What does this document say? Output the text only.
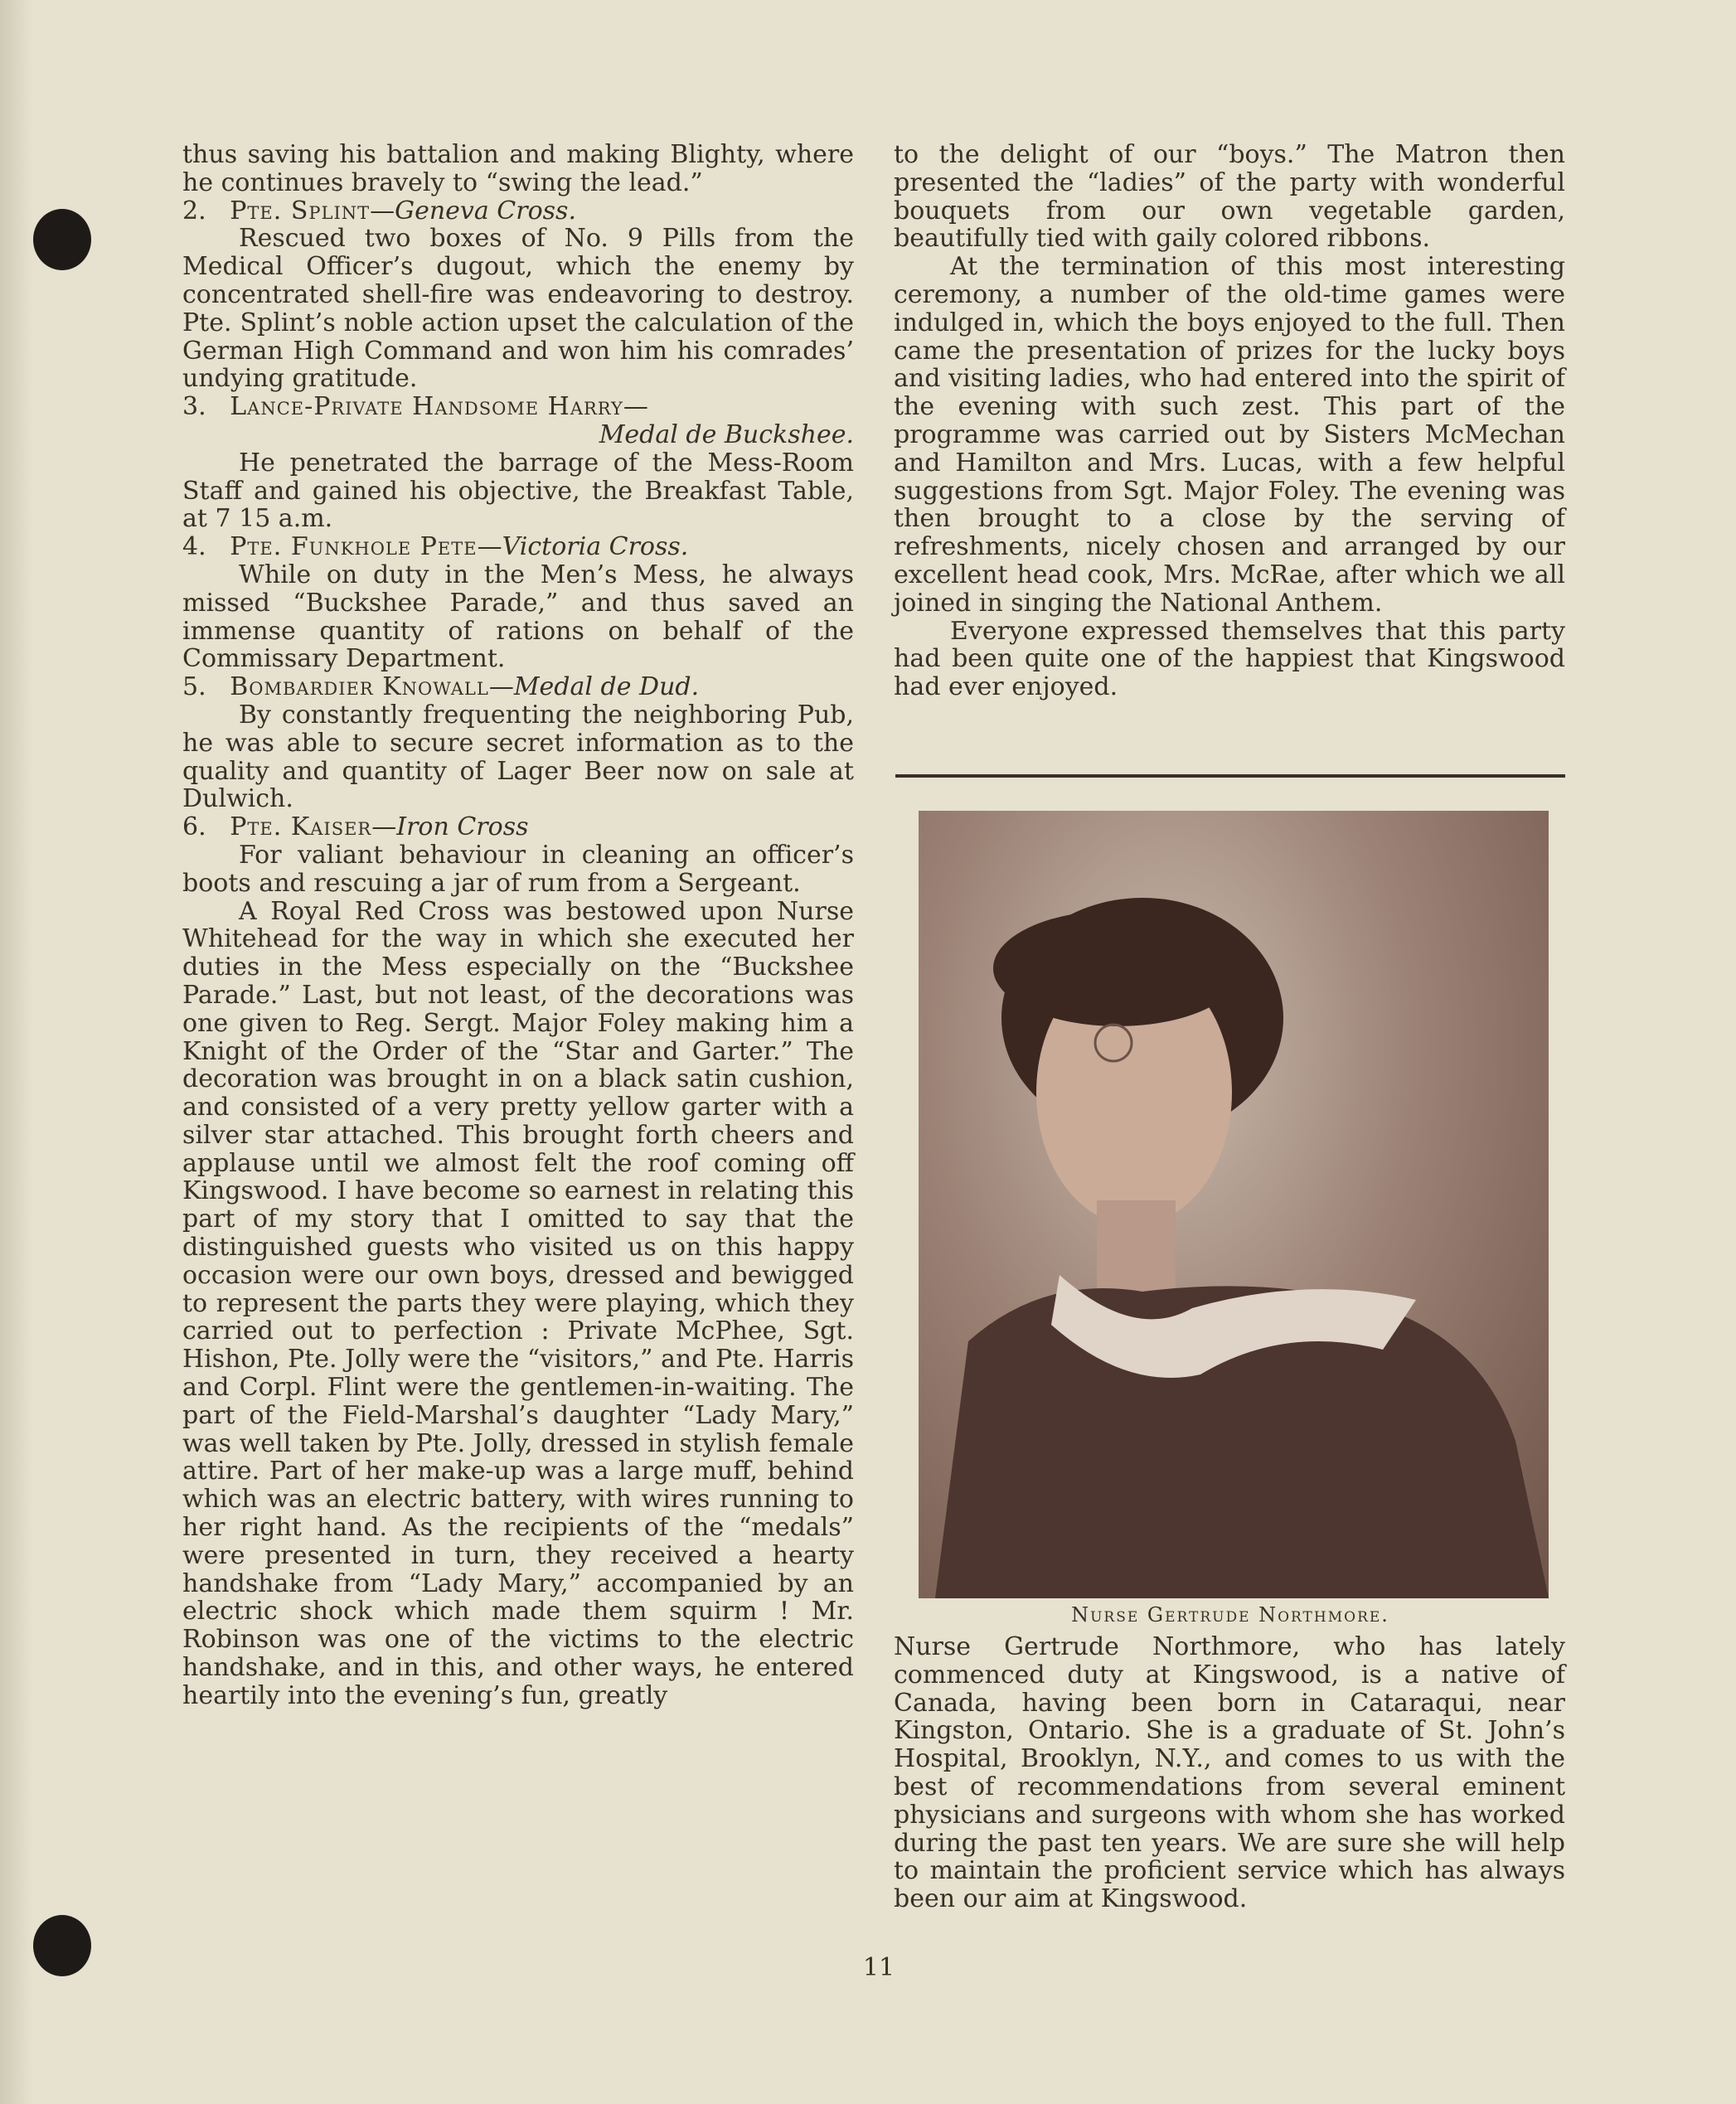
thus saving his battalion and making Blighty, where he continues bravely to “swing the lead.”

2. Pte. Splint—Geneva Cross.

Rescued two boxes of No. 9 Pills from the Medical Officer’s dugout, which the enemy by concentrated shell-fire was endeavoring to destroy. Pte. Splint’s noble action upset the calculation of the German High Command and won him his comrades’ undying gratitude.

3. Lance-Private Handsome Harry—

Medal de Buckshee.

He penetrated the barrage of the Mess-Room Staff and gained his objective, the Breakfast Table, at 7 15 a.m.

4. Pte. Funkhole Pete—Victoria Cross.

While on duty in the Men’s Mess, he always missed “Buckshee Parade,” and thus saved an immense quantity of rations on behalf of the Commissary Department.

5. Bombardier Knowall—Medal de Dud.

By constantly frequenting the neighboring Pub, he was able to secure secret information as to the quality and quantity of Lager Beer now on sale at Dulwich.

6. Pte. Kaiser—Iron Cross

For valiant behaviour in cleaning an officer’s boots and rescuing a jar of rum from a Sergeant.

A Royal Red Cross was bestowed upon Nurse Whitehead for the way in which she executed her duties in the Mess especially on the “Buckshee Parade.” Last, but not least, of the decorations was one given to Reg. Sergt. Major Foley making him a Knight of the Order of the “Star and Garter.” The decoration was brought in on a black satin cushion, and consisted of a very pretty yellow garter with a silver star attached. This brought forth cheers and applause until we almost felt the roof coming off Kingswood. I have become so earnest in relating this part of my story that I omitted to say that the distinguished guests who visited us on this happy occasion were our own boys, dressed and bewigged to represent the parts they were playing, which they carried out to perfection : Private McPhee, Sgt. Hishon, Pte. Jolly were the “visitors,” and Pte. Harris and Corpl. Flint were the gentlemen-in-waiting. The part of the Field-Marshal’s daughter “Lady Mary,” was well taken by Pte. Jolly, dressed in stylish female attire. Part of her make-up was a large muff, behind which was an electric battery, with wires running to her right hand. As the recipients of the “medals” were presented in turn, they received a hearty handshake from “Lady Mary,” accompanied by an electric shock which made them squirm ! Mr. Robinson was one of the victims to the electric handshake, and in this, and other ways, he entered heartily into the evening’s fun, greatly

to the delight of our “boys.” The Matron then presented the “ladies” of the party with wonderful bouquets from our own vegetable garden, beautifully tied with gaily colored ribbons.

At the termination of this most interesting ceremony, a number of the old-time games were indulged in, which the boys enjoyed to the full. Then came the presentation of prizes for the lucky boys and visiting ladies, who had entered into the spirit of the evening with such zest. This part of the programme was carried out by Sisters McMechan and Hamilton and Mrs. Lucas, with a few helpful suggestions from Sgt. Major Foley. The evening was then brought to a close by the serving of refreshments, nicely chosen and arranged by our excellent head cook, Mrs. McRae, after which we all joined in singing the National Anthem.

Everyone expressed themselves that this party had been quite one of the happiest that Kingswood had ever enjoyed.

Nurse Gertrude Northmore.

Nurse Gertrude Northmore, who has lately commenced duty at Kingswood, is a native of Canada, having been born in Cataraqui, near Kingston, Ontario. She is a graduate of St. John’s Hospital, Brooklyn, N.Y., and comes to us with the best of recommendations from several eminent physicians and surgeons with whom she has worked during the past ten years. We are sure she will help to maintain the proficient service which has always been our aim at Kingswood.

11
